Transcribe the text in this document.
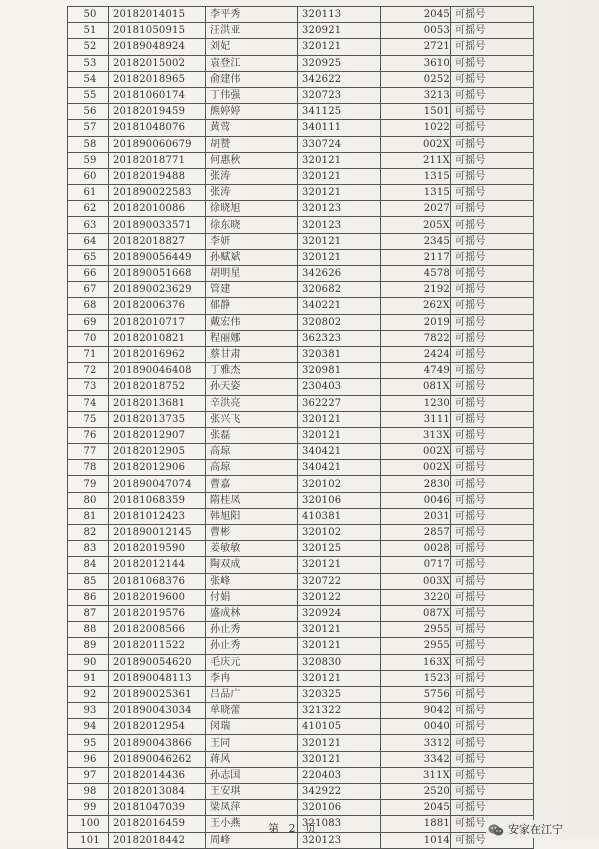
50	20182014015	李平秀	320113	2045	可摇号
51	20181050915	汪洪亚	320921	0053	可摇号
52	20189048924	刘妃	320121	2721	可摇号
53	20182015002	袁登江	320925	3610	可摇号
54	20182018965	俞建伟	342622	0252	可摇号
55	20181060174	丁伟强	320723	3213	可摇号
56	20182019459	熊婷婷	341125	1501	可摇号
57	20181048076	黄莺	340111	1022	可摇号
58	201890060679	胡赞	330724	002X	可摇号
59	20182018771	何惠秋	320121	211X	可摇号
60	20182019488	张涛	320121	1315	可摇号
61	201890022583	张涛	320121	1315	可摇号
62	20182010086	徐晓旭	320123	2027	可摇号
63	201890033571	徐东晓	320123	205X	可摇号
64	20182018827	李妍	320121	2345	可摇号
65	201890056449	孙赋斌	320121	2117	可摇号
66	201890051668	胡明星	342626	4578	可摇号
67	201890023629	管建	320682	2192	可摇号
68	20182006376	郁静	340221	262X	可摇号
69	20182010717	戴宏伟	320802	2019	可摇号
70	20182010821	程丽娜	362323	7822	可摇号
71	20182016962	蔡甘肃	320381	2424	可摇号
72	201890046408	丁雅杰	320981	4749	可摇号
73	20182018752	孙天姿	230403	081X	可摇号
74	20182013681	辛洪亮	362227	1230	可摇号
75	20182013735	张兴飞	320121	3111	可摇号
76	20182012907	张磊	320121	313X	可摇号
77	20182012905	高琼	340421	002X	可摇号
78	20182012906	高琼	340421	002X	可摇号
79	201890047074	曹嘉	320102	2830	可摇号
80	20181068359	隋桂凤	320106	0046	可摇号
81	20181012423	韩旭阳	410381	2031	可摇号
82	201890012145	曹彬	320102	2857	可摇号
83	20182019590	姜敏敏	320125	0028	可摇号
84	20182012144	陶双成	320121	0717	可摇号
85	20181068376	张峰	320722	003X	可摇号
86	20182019600	付娟	320122	3220	可摇号
87	20182019576	盛成林	320924	087X	可摇号
88	20182008566	孙止秀	320121	2955	可摇号
89	20182011522	孙止秀	320121	2955	可摇号
90	201890054620	毛庆元	320830	163X	可摇号
91	201890048113	李冉	320121	1523	可摇号
92	201890025361	吕品广	320325	5756	可摇号
93	201890043034	单晓蕾	321322	9042	可摇号
94	20182012954	闵瑞	410105	0040	可摇号
95	201890043866	王同	320121	3312	可摇号
96	201890046262	蒋风	320121	3342	可摇号
97	20182014436	孙志国	220403	311X	可摇号
98	20182013084	王安琪	342922	2520	可摇号
99	20181047039	梁凤萍	320106	2045	可摇号
100	20182016459	王小燕	321083	1881	可摇号
101	20182018442	周峰	320123	1014	可摇号
第 2 页	安家在江宁
